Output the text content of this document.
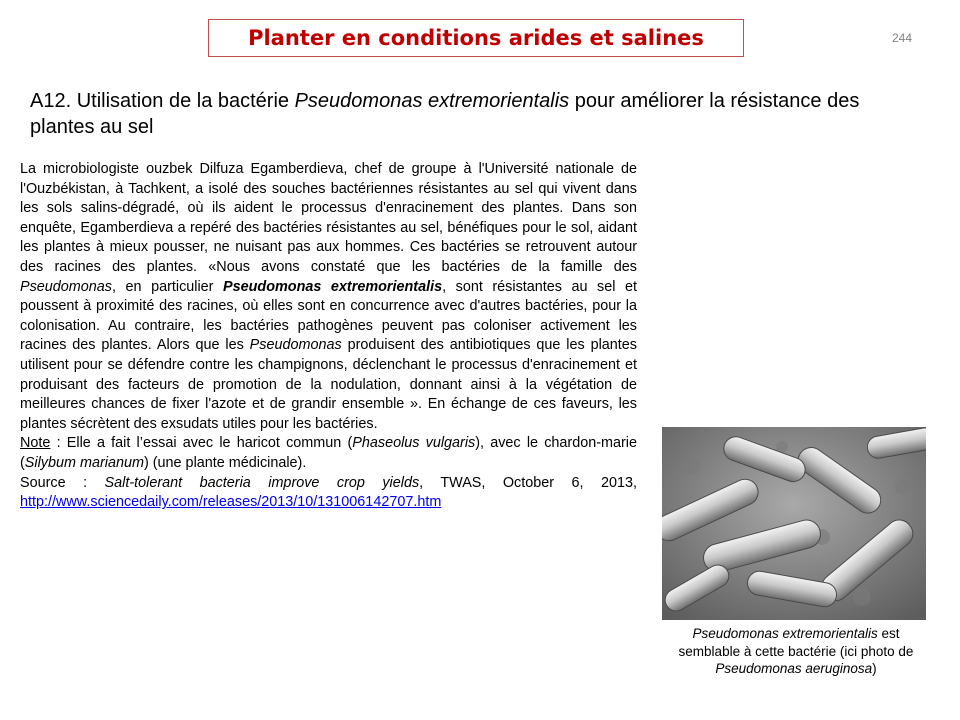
Planter en conditions arides et salines	244
A12. Utilisation de la bactérie Pseudomonas extremorientalis pour améliorer la résistance des plantes au sel

La microbiologiste ouzbek Dilfuza Egamberdieva, chef de groupe à l'Université nationale de l'Ouzbékistan, à Tachkent, a isolé des souches bactériennes résistantes au sel qui vivent dans les sols salins-dégradé, où ils aident le processus d'enracinement des plantes. Dans son enquête, Egamberdieva a repéré des bactéries résistantes au sel, bénéfiques pour le sol, aidant les plantes à mieux pousser, ne nuisant pas aux hommes. Ces bactéries se retrouvent autour des racines des plantes. «Nous avons constaté que les bactéries de la famille des Pseudomonas, en particulier Pseudomonas extremorientalis, sont résistantes au sel et poussent à proximité des racines, où elles sont en concurrence avec d'autres bactéries, pour la colonisation. Au contraire, les bactéries pathogènes peuvent pas coloniser activement les racines des plantes. Alors que les Pseudomonas produisent des antibiotiques que les plantes utilisent pour se défendre contre les champignons, déclenchant le processus d'enracinement et produisant des facteurs de promotion de la nodulation, donnant ainsi à la végétation de meilleures chances de fixer l'azote et de grandir ensemble ». En échange de ces faveurs, les plantes sécrètent des exsudats utiles pour les bactéries.

Note : Elle a fait l’essai avec le haricot commun (Phaseolus vulgaris), avec le chardon-marie (Silybum marianum) (une plante médicinale).

Source : Salt-tolerant bacteria improve crop yields, TWAS, October 6, 2013, http://www.sciencedaily.com/releases/2013/10/131006142707.htm

Pseudomonas extremorientalis est semblable à cette bactérie (ici photo de Pseudomonas aeruginosa)
